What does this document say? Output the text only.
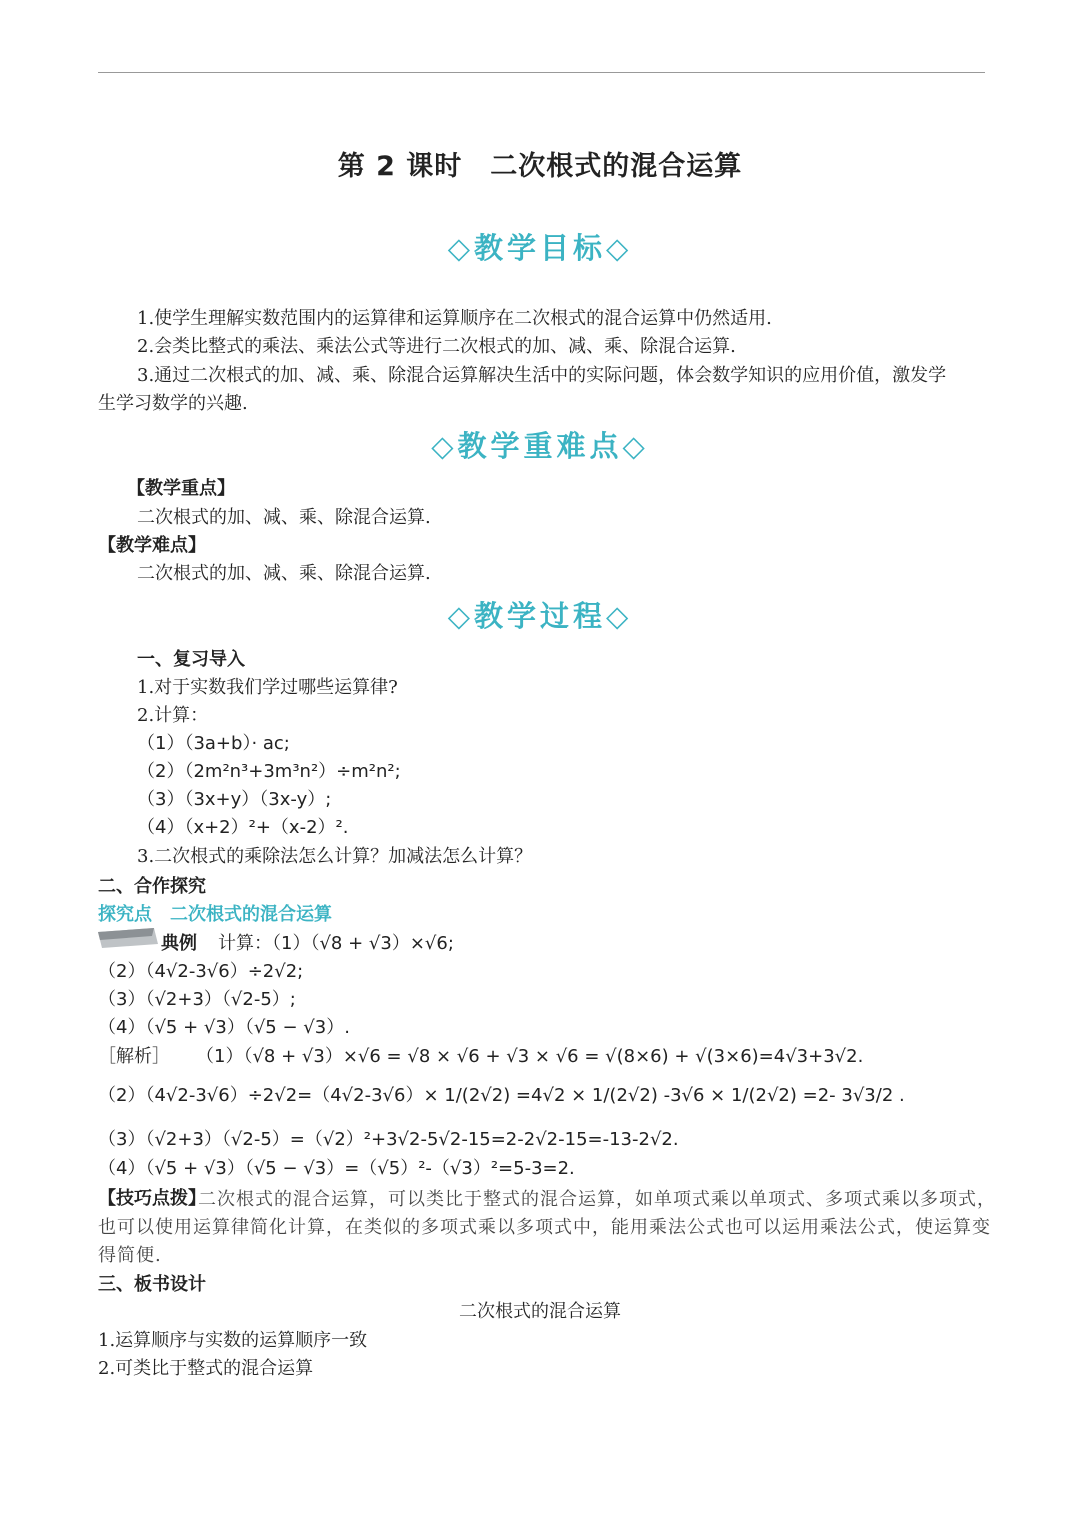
第 2 课时　二次根式的混合运算
◇教学目标◇
1.使学生理解实数范围内的运算律和运算顺序在二次根式的混合运算中仍然适用.
2.会类比整式的乘法、乘法公式等进行二次根式的加、减、乘、除混合运算.
3.通过二次根式的加、减、乘、除混合运算解决生活中的实际问题，体会数学知识的应用价值，激发学
生学习数学的兴趣.
◇教学重难点◇
【教学重点】
二次根式的加、减、乘、除混合运算.
【教学难点】
二次根式的加、减、乘、除混合运算.
◇教学过程◇
一、复习导入
1.对于实数我们学过哪些运算律?
2.计算：
（1）（3a+b）· ac;
（2）（2m²n³+3m³n²）÷m²n²;
（3）（3x+y）（3x-y）;
（4）（x+2）²+（x-2）².
3.二次根式的乘除法怎么计算？加减法怎么计算？
二、合作探究
探究点　二次根式的混合运算
典例 计算：（1）（√8 + √3）×√6;
（2）（4√2-3√6）÷2√2;
（3）（√2+3）（√2-5）;
（4）（√5 + √3）（√5 − √3）.
［解析］ （1）（√8 + √3）×√6 = √8 × √6 + √3 × √6 = √(8×6) + √(3×6)=4√3+3√2.
（2）（4√2-3√6）÷2√2=（4√2-3√6）× 1/(2√2) =4√2 × 1/(2√2) -3√6 × 1/(2√2) =2- 3√3/2 .
（3）（√2+3）（√2-5）=（√2）²+3√2-5√2-15=2-2√2-15=-13-2√2.
（4）（√5 + √3）（√5 − √3）=（√5）²-（√3）²=5-3=2.
【技巧点拨】
二次根式的混合运算，可以类比于整式的混合运算，如单项式乘以单项式、多项式乘以多项式，
也可以使用运算律简化计算，在类似的多项式乘以多项式中，能用乘法公式也可以运用乘法公式，使运算变
得简便.
三、板书设计
二次根式的混合运算
1.运算顺序与实数的运算顺序一致
2.可类比于整式的混合运算
